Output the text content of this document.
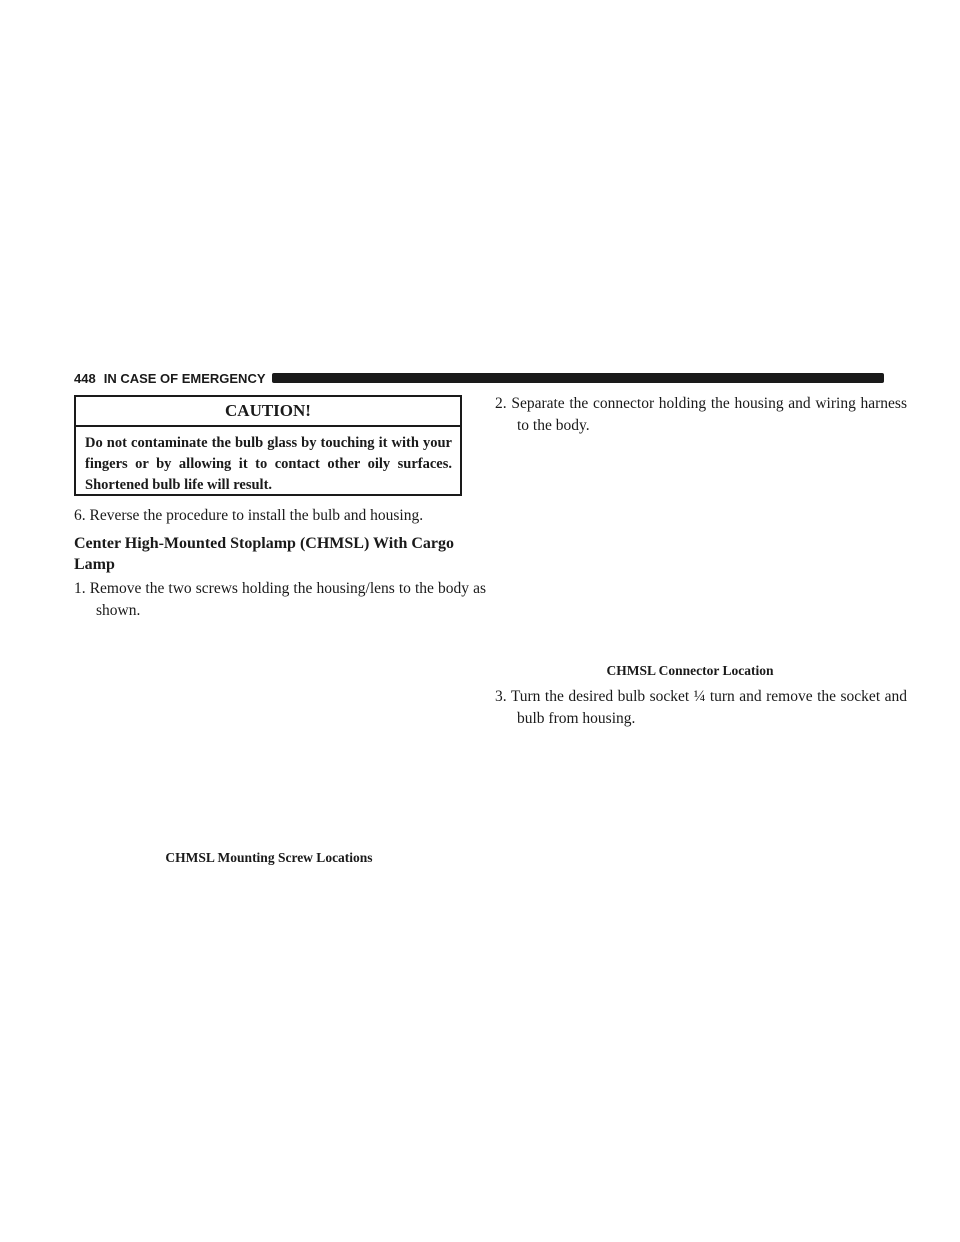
448 IN CASE OF EMERGENCY
CAUTION!
Do not contaminate the bulb glass by touching it with your fingers or by allowing it to contact other oily surfaces. Shortened bulb life will result.
6. Reverse the procedure to install the bulb and housing.
Center High-Mounted Stoplamp (CHMSL) With Cargo Lamp
1. Remove the two screws holding the housing/lens to the body as shown.
CHMSL Mounting Screw Locations
2. Separate the connector holding the housing and wiring harness to the body.
CHMSL Connector Location
3. Turn the desired bulb socket ¼ turn and remove the socket and bulb from housing.
